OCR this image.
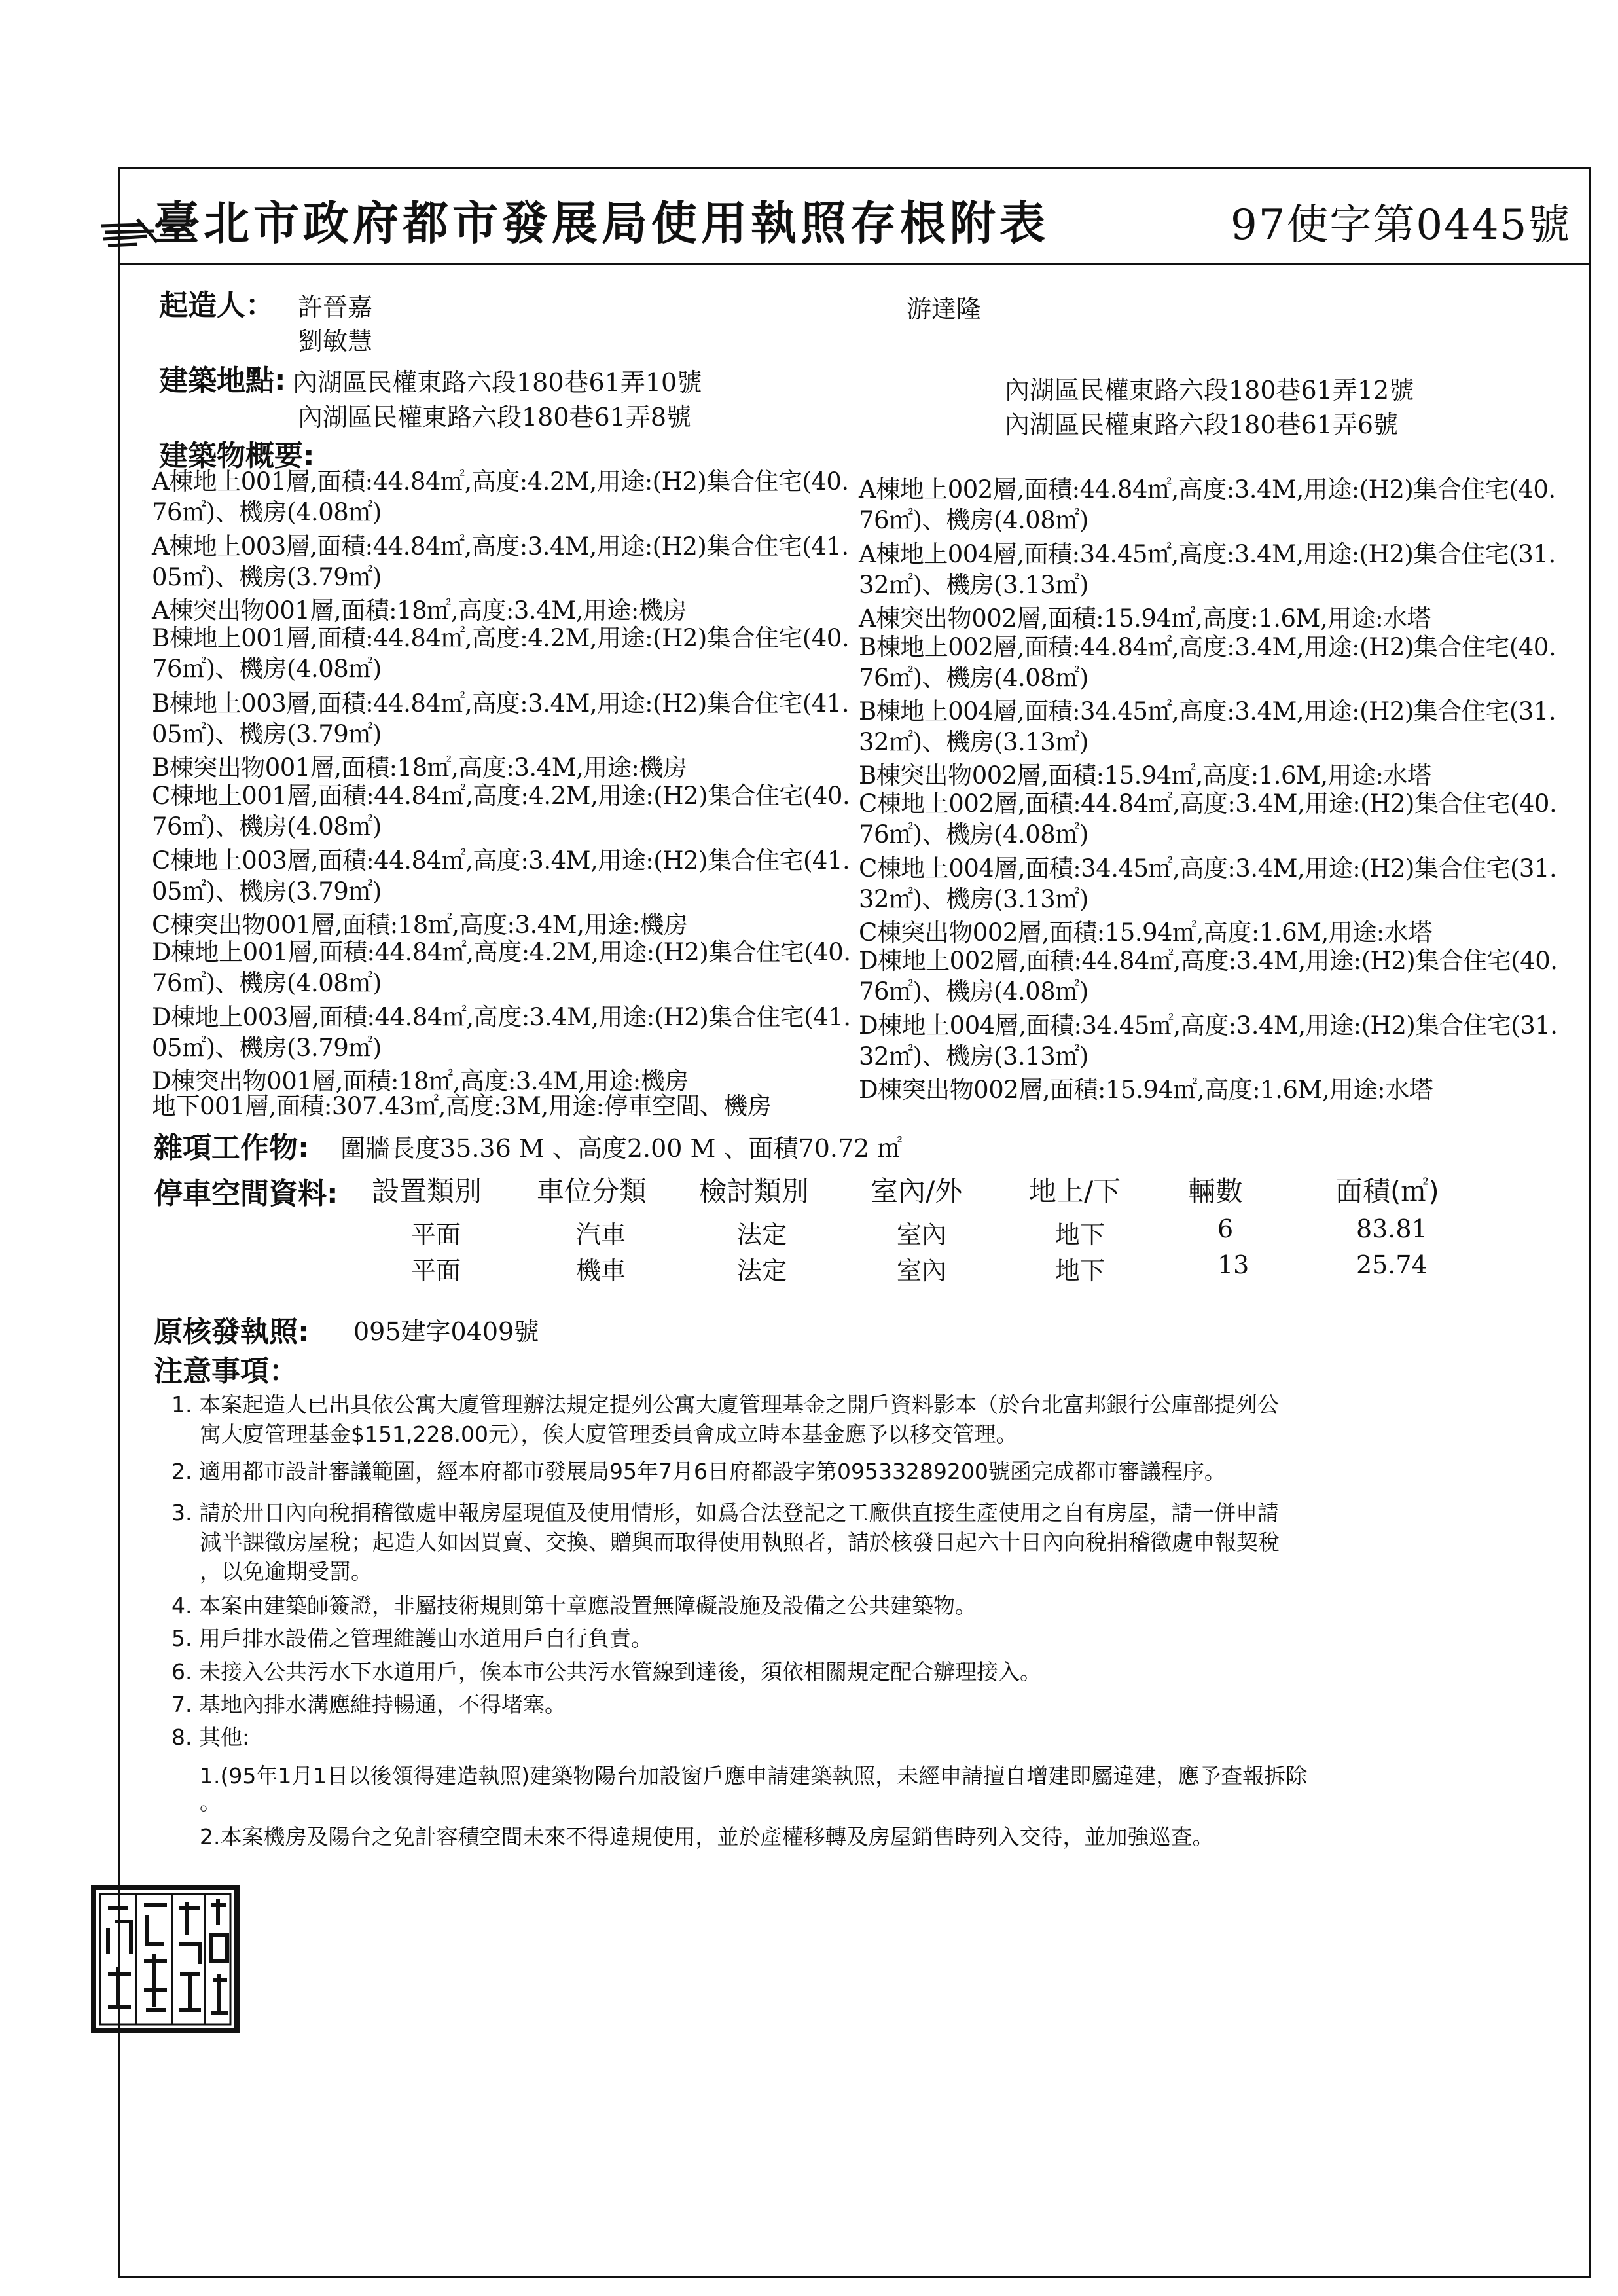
臺北市政府都市發展局使用執照存根附表	97使字第0445號
起造人： 許晉嘉
劉敏慧
游達隆
建築地點: 內湖區民權東路六段180巷61弄10號
內湖區民權東路六段180巷61弄8號
內湖區民權東路六段180巷61弄12號
內湖區民權東路六段180巷61弄6號
建築物概要:
A棟地上001層,面積:44.84㎡,高度:4.2M,用途:(H2)集合住宅(40.
76㎡)、機房(4.08㎡)
A棟地上003層,面積:44.84㎡,高度:3.4M,用途:(H2)集合住宅(41.
05㎡)、機房(3.79㎡)
A棟突出物001層,面積:18㎡,高度:3.4M,用途:機房
B棟地上001層,面積:44.84㎡,高度:4.2M,用途:(H2)集合住宅(40.
76㎡)、機房(4.08㎡)
B棟地上003層,面積:44.84㎡,高度:3.4M,用途:(H2)集合住宅(41.
05㎡)、機房(3.79㎡)
B棟突出物001層,面積:18㎡,高度:3.4M,用途:機房
C棟地上001層,面積:44.84㎡,高度:4.2M,用途:(H2)集合住宅(40.
76㎡)、機房(4.08㎡)
C棟地上003層,面積:44.84㎡,高度:3.4M,用途:(H2)集合住宅(41.
05㎡)、機房(3.79㎡)
C棟突出物001層,面積:18㎡,高度:3.4M,用途:機房
D棟地上001層,面積:44.84㎡,高度:4.2M,用途:(H2)集合住宅(40.
76㎡)、機房(4.08㎡)
D棟地上003層,面積:44.84㎡,高度:3.4M,用途:(H2)集合住宅(41.
05㎡)、機房(3.79㎡)
D棟突出物001層,面積:18㎡,高度:3.4M,用途:機房
地下001層,面積:307.43㎡,高度:3M,用途:停車空間、機房
A棟地上002層,面積:44.84㎡,高度:3.4M,用途:(H2)集合住宅(40.
76㎡)、機房(4.08㎡)
A棟地上004層,面積:34.45㎡,高度:3.4M,用途:(H2)集合住宅(31.
32㎡)、機房(3.13㎡)
A棟突出物002層,面積:15.94㎡,高度:1.6M,用途:水塔
B棟地上002層,面積:44.84㎡,高度:3.4M,用途:(H2)集合住宅(40.
76㎡)、機房(4.08㎡)
B棟地上004層,面積:34.45㎡,高度:3.4M,用途:(H2)集合住宅(31.
32㎡)、機房(3.13㎡)
B棟突出物002層,面積:15.94㎡,高度:1.6M,用途:水塔
C棟地上002層,面積:44.84㎡,高度:3.4M,用途:(H2)集合住宅(40.
76㎡)、機房(4.08㎡)
C棟地上004層,面積:34.45㎡,高度:3.4M,用途:(H2)集合住宅(31.
32㎡)、機房(3.13㎡)
C棟突出物002層,面積:15.94㎡,高度:1.6M,用途:水塔
D棟地上002層,面積:44.84㎡,高度:3.4M,用途:(H2)集合住宅(40.
76㎡)、機房(4.08㎡)
D棟地上004層,面積:34.45㎡,高度:3.4M,用途:(H2)集合住宅(31.
32㎡)、機房(3.13㎡)
D棟突出物002層,面積:15.94㎡,高度:1.6M,用途:水塔
雜項工作物: 圍牆長度35.36 M 、高度2.00 M 、面積70.72 ㎡
停車空間資料: 設置類別 車位分類 檢討類別 室內/外 地上/下 輛數	面積(㎡)
平面	汽車	法定	室內	地下	6	83.81
平面	機車	法定	室內	地下	13	25.74
原核發執照: 095建字0409號
注意事項：
1. 本案起造人已出具依公寓大廈管理辦法規定提列公寓大廈管理基金之開戶資料影本（於台北富邦銀行公庫部提列公
寓大廈管理基金$151,228.00元），俟大廈管理委員會成立時本基金應予以移交管理。
2. 適用都市設計審議範圍，經本府都市發展局95年7月6日府都設字第09533289200號函完成都市審議程序。
3. 請於卅日內向稅捐稽徵處申報房屋現值及使用情形，如爲合法登記之工廠供直接生產使用之自有房屋，請一併申請
減半課徵房屋稅；起造人如因買賣、交換、贈與而取得使用執照者，請於核發日起六十日內向稅捐稽徵處申報契稅
，以免逾期受罰。
4. 本案由建築師簽證，非屬技術規則第十章應設置無障礙設施及設備之公共建築物。
5. 用戶排水設備之管理維護由水道用戶自行負責。
6. 未接入公共污水下水道用戶，俟本市公共污水管線到達後，須依相關規定配合辦理接入。
7. 基地內排水溝應維持暢通，不得堵塞。
8. 其他:
1.(95年1月1日以後領得建造執照)建築物陽台加設窗戶應申請建築執照，未經申請擅自增建即屬違建，應予查報拆除
。
2.本案機房及陽台之免計容積空間未來不得違規使用，並於產權移轉及房屋銷售時列入交待，並加強巡查。
